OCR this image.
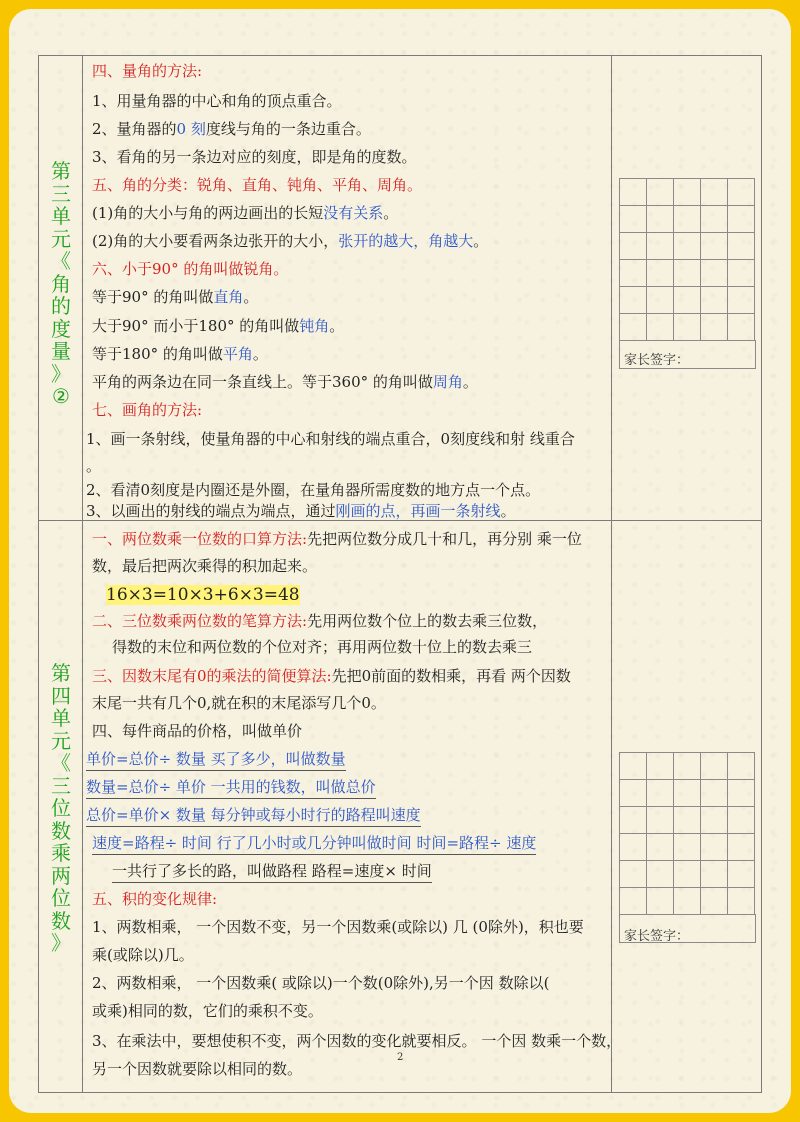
第
三
单
元
《
角
的
度
量
》
②
第
四
单
元
《
三
位
数
乘
两
位
数
》
四、量角的方法:
1、用量角器的中心和角的顶点重合。
2、量角器的0 刻度线与角的一条边重合。
3、看角的另一条边对应的刻度，即是角的度数。
五、角的分类：锐角、直角、钝角、平角、周角。
(1)角的大小与角的两边画出的长短没有关系。
(2)角的大小要看两条边张开的大小，张开的越大，角越大。
六、小于90° 的角叫做锐角。
等于90° 的角叫做直角。
大于90° 而小于180° 的角叫做钝角。
等于180° 的角叫做平角。
平角的两条边在同一条直线上。等于360° 的角叫做周角。
七、画角的方法:
1、画一条射线，使量角器的中心和射线的端点重合，0刻度线和射 线重合
。
2、看清0刻度是内圈还是外圈，在量角器所需度数的地方点一个点。
3、以画出的射线的端点为端点，通过刚画的点，再画一条射线。
一、两位数乘一位数的口算方法:先把两位数分成几十和几，再分别 乘一位
数，最后把两次乘得的积加起来。
16×3=10×3+6×3=48
二、三位数乘两位数的笔算方法:先用两位数个位上的数去乘三位数，
得数的末位和两位数的个位对齐；再用两位数十位上的数去乘三
三、因数末尾有0的乘法的简便算法:先把0前面的数相乘，再看 两个因数
末尾一共有几个0,就在积的末尾添写几个0。
四、每件商品的价格，叫做单价
单价=总价÷ 数量 买了多少，叫做数量
数量=总价÷ 单价 一共用的钱数，叫做总价
总价=单价× 数量 每分钟或每小时行的路程叫速度
速度=路程÷ 时间 行了几小时或几分钟叫做时间 时间=路程÷ 速度
一共行了多长的路，叫做路程 路程=速度× 时间
五、积的变化规律:
1、两数相乘， 一个因数不变，另一个因数乘(或除以) 几 (0除外)，积也要
乘(或除以)几。
2、两数相乘， 一个因数乘( 或除以)一个数(0除外),另一个因 数除以(
或乘)相同的数，它们的乘积不变。
3、在乘法中，要想使积不变，两个因数的变化就要相反。 一个因 数乘一个数，
另一个因数就要除以相同的数。
家长签字：
家长签字：
2
